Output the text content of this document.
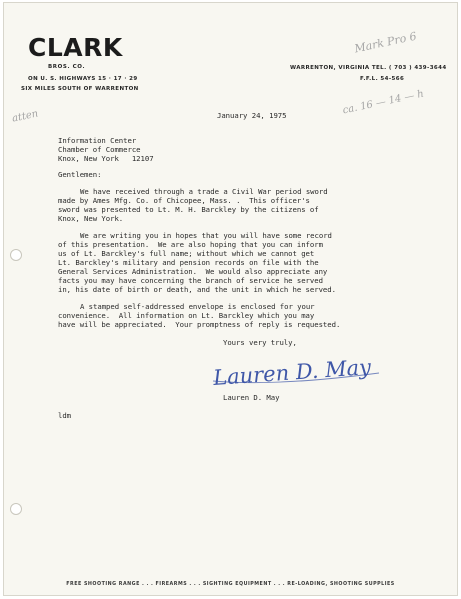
CLARK
BROS. CO.
ON U. S. HIGHWAYS 15 · 17 · 29
SIX MILES SOUTH OF WARRENTON
WARRENTON, VIRGINIA TEL. ( 703 ) 439-3644
F.F.L. 54-566
atten
Mark Pro 6
ca. 16 — 14 — h
January 24, 1975
Information Center
Chamber of Commerce
Knox, New York   12107
Gentlemen:
We have received through a trade a Civil War period sword
made by Ames Mfg. Co. of Chicopee, Mass. .  This officer's
sword was presented to Lt. M. H. Barckley by the citizens of
Knox, New York.
We are writing you in hopes that you will have some record
of this presentation.  We are also hoping that you can inform
us of Lt. Barckley's full name; without which we cannot get
Lt. Barckley's military and pension records on file with the
General Services Administration.  We would also appreciate any
facts you may have concerning the branch of service he served
in, his date of birth or death, and the unit in which he served.
A stamped self-addressed envelope is enclosed for your
convenience.  All information on Lt. Barckley which you may
have will be appreciated.  Your promptness of reply is requested.
Yours very truly,
Lauren D. May
Lauren D. May
ldm
FREE SHOOTING RANGE . . . FIREARMS . . . SIGHTING EQUIPMENT . . . RE-LOADING, SHOOTING SUPPLIES
